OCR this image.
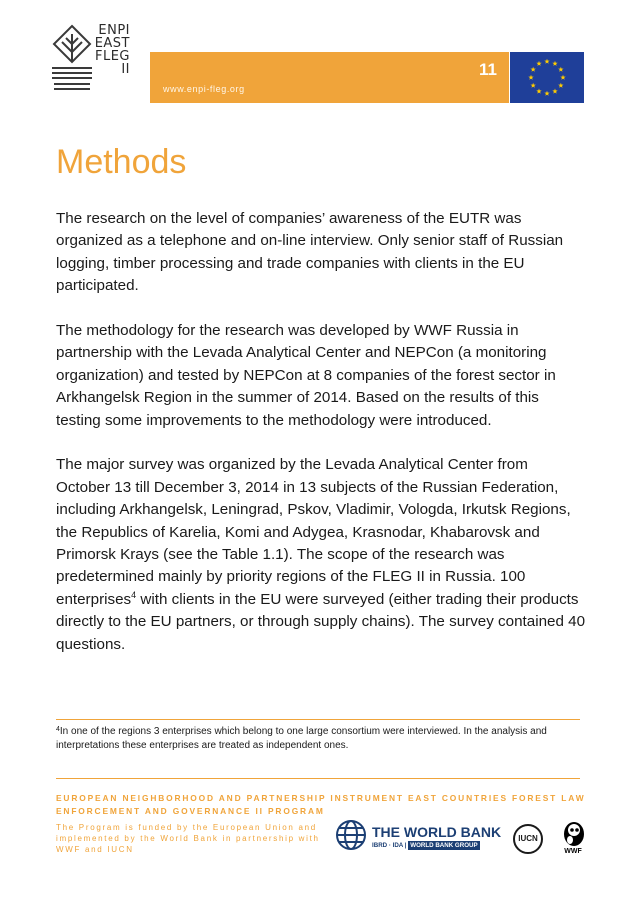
ENPI
EAST
FLEG
II
www.enpi-fleg.org
11
Methods

The research on the level of companies’ awareness of the EUTR was organized as a telephone and on-line interview. Only senior staff of Russian logging, timber processing and trade companies with clients in the EU participated.

The methodology for the research was developed by WWF Russia in partnership with the Levada Analytical Center and NEPCon (a monitoring organization) and tested by NEPCon at 8 companies of the forest sector in Arkhangelsk Region in the summer of 2014. Based on the results of this testing some improvements to the methodology were introduced.

The major survey was organized by the Levada Analytical Center from October 13 till December 3, 2014 in 13 subjects of the Russian Federation, including Arkhangelsk, Leningrad, Pskov, Vladimir, Vologda, Irkutsk Regions, the Republics of Karelia, Komi and Adygea, Krasnodar, Khabarovsk and Primorsk Krays (see the Table 1.1). The scope of the research was predetermined mainly by priority regions of the FLEG II in Russia. 100 enterprises$^4$ with clients in the EU were surveyed (either trading their products directly to the EU partners, or through supply chains). The survey contained 40 questions.

$^4$In one of the regions 3 enterprises which belong to one large consortium were interviewed. In the analysis and interpretations these enterprises are treated as independent ones.
EUROPEAN NEIGHBORHOOD AND PARTNERSHIP INSTRUMENT EAST COUNTRIES FOREST LAW
ENFORCEMENT AND GOVERNANCE II PROGRAM
The Program is funded by the European Union and
implemented by the World Bank in partnership with
WWF and IUCN
THE WORLD BANK
IBRD · IDA | WORLD BANK GROUP
IUCN
WWF
